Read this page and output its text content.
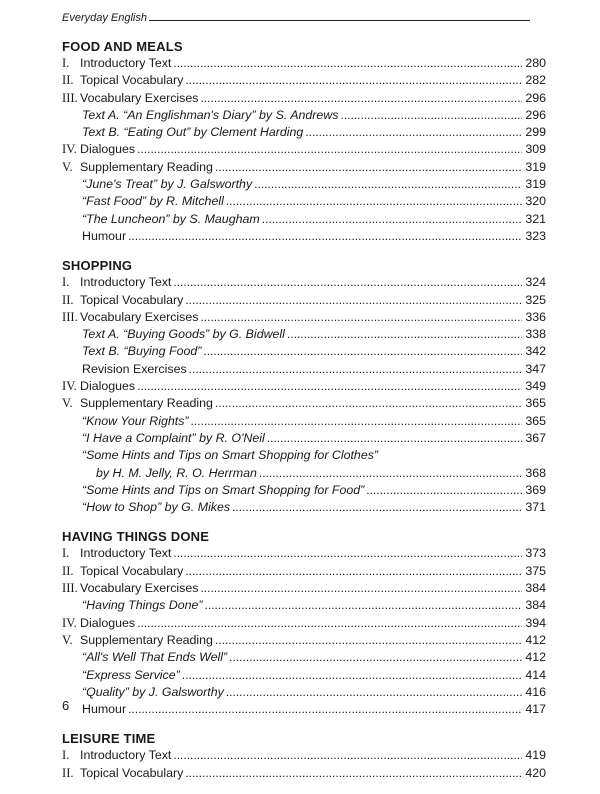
Everyday English
FOOD AND MEALS
I. Introductory Text .....	280
II. Topical Vocabulary .....	282
III. Vocabulary Exercises .....	296
Text A. “An Englishman's Diary” by S. Andrews .....	296
Text B. “Eating Out” by Clement Harding .....	299
IV. Dialogues .....	309
V. Supplementary Reading .....	319
“June's Treat” by J. Galsworthy .....	319
“Fast Food” by R. Mitchell .....	320
“The Luncheon” by S. Maugham .....	321
Humour .....	323
SHOPPING
I. Introductory Text .....	324
II. Topical Vocabulary .....	325
III. Vocabulary Exercises .....	336
Text A. “Buying Goods” by G. Bidwell .....	338
Text B. “Buying Food” .....	342
Revision Exercises .....	347
IV. Dialogues .....	349
V. Supplementary Reading .....	365
“Know Your Rights” .....	365
“I Have a Complaint” by R. O'Neil .....	367
“Some Hints and Tips on Smart Shopping for Clothes”
by H. M. Jelly, R. O. Herrman .....	368
“Some Hints and Tips on Smart Shopping for Food” .....	369
“How to Shop” by G. Mikes .....	371
HAVING THINGS DONE
I. Introductory Text .....	373
II. Topical Vocabulary .....	375
III. Vocabulary Exercises .....	384
“Having Things Done” .....	384
IV. Dialogues .....	394
V. Supplementary Reading .....	412
“All's Well That Ends Well” .....	412
“Express Service” .....	414
“Quality” by J. Galsworthy .....	416
Humour .....	417
LEISURE TIME
I. Introductory Text .....	419
II. Topical Vocabulary .....	420
6
